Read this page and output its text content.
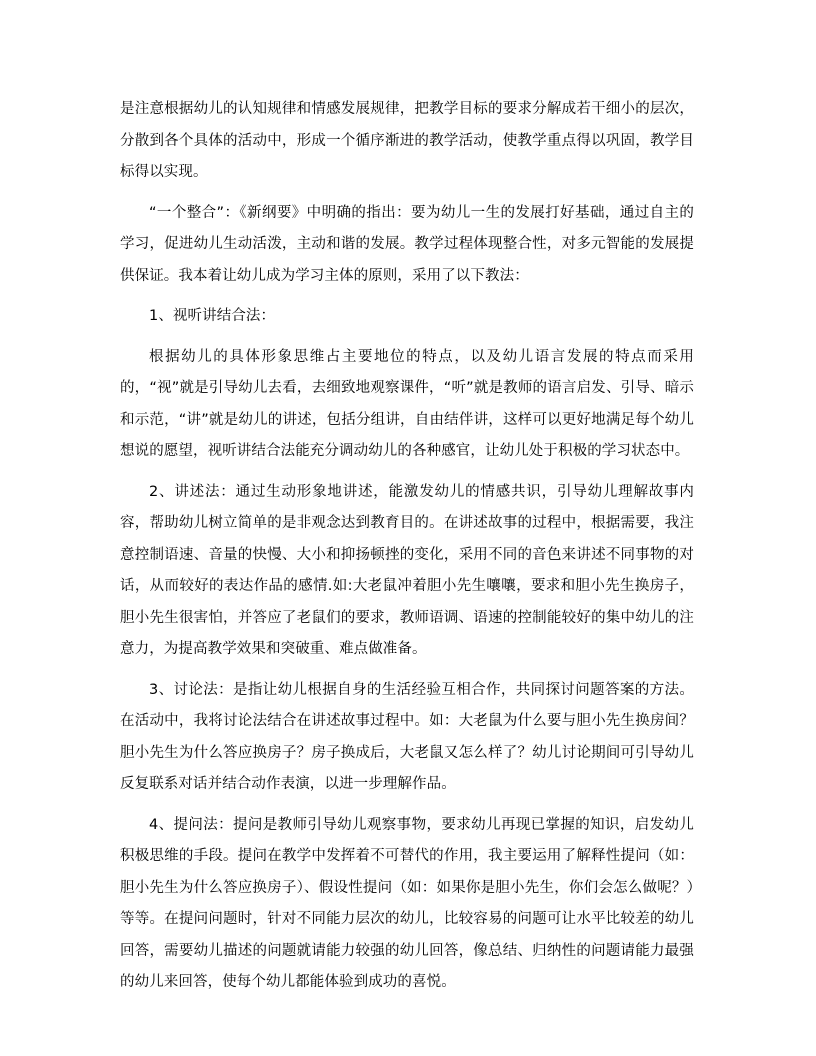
是注意根据幼儿的认知规律和情感发展规律，把教学目标的要求分解成若干细小的层次，分散到各个具体的活动中，形成一个循序渐进的教学活动，使教学重点得以巩固，教学目标得以实现。

“一个整合”：《新纲要》中明确的指出：要为幼儿一生的发展打好基础，通过自主的学习，促进幼儿生动活泼，主动和谐的发展。教学过程体现整合性，对多元智能的发展提供保证。我本着让幼儿成为学习主体的原则，采用了以下教法：

1、视听讲结合法：

根据幼儿的具体形象思维占主要地位的特点，以及幼儿语言发展的特点而采用的，“视”就是引导幼儿去看，去细致地观察课件，“听”就是教师的语言启发、引导、暗示和示范，“讲”就是幼儿的讲述，包括分组讲，自由结伴讲，这样可以更好地满足每个幼儿想说的愿望，视听讲结合法能充分调动幼儿的各种感官，让幼儿处于积极的学习状态中。

2、讲述法：通过生动形象地讲述，能激发幼儿的情感共识，引导幼儿理解故事内容，帮助幼儿树立简单的是非观念达到教育目的。在讲述故事的过程中，根据需要，我注意控制语速、音量的快慢、大小和抑扬顿挫的变化，采用不同的音色来讲述不同事物的对话，从而较好的表达作品的感情.如:大老鼠冲着胆小先生嚷嚷，要求和胆小先生换房子，胆小先生很害怕，并答应了老鼠们的要求，教师语调、语速的控制能较好的集中幼儿的注意力，为提高教学效果和突破重、难点做准备。

3、讨论法：是指让幼儿根据自身的生活经验互相合作，共同探讨问题答案的方法。在活动中，我将讨论法结合在讲述故事过程中。如：大老鼠为什么要与胆小先生换房间？胆小先生为什么答应换房子？房子换成后，大老鼠又怎么样了？幼儿讨论期间可引导幼儿反复联系对话并结合动作表演，以进一步理解作品。

4、提问法：提问是教师引导幼儿观察事物，要求幼儿再现已掌握的知识，启发幼儿积极思维的手段。提问在教学中发挥着不可替代的作用，我主要运用了解释性提问（如：胆小先生为什么答应换房子）、假设性提问（如：如果你是胆小先生，你们会怎么做呢？）等等。在提问问题时，针对不同能力层次的幼儿，比较容易的问题可让水平比较差的幼儿回答，需要幼儿描述的问题就请能力较强的幼儿回答，像总结、归纳性的问题请能力最强的幼儿来回答，使每个幼儿都能体验到成功的喜悦。
